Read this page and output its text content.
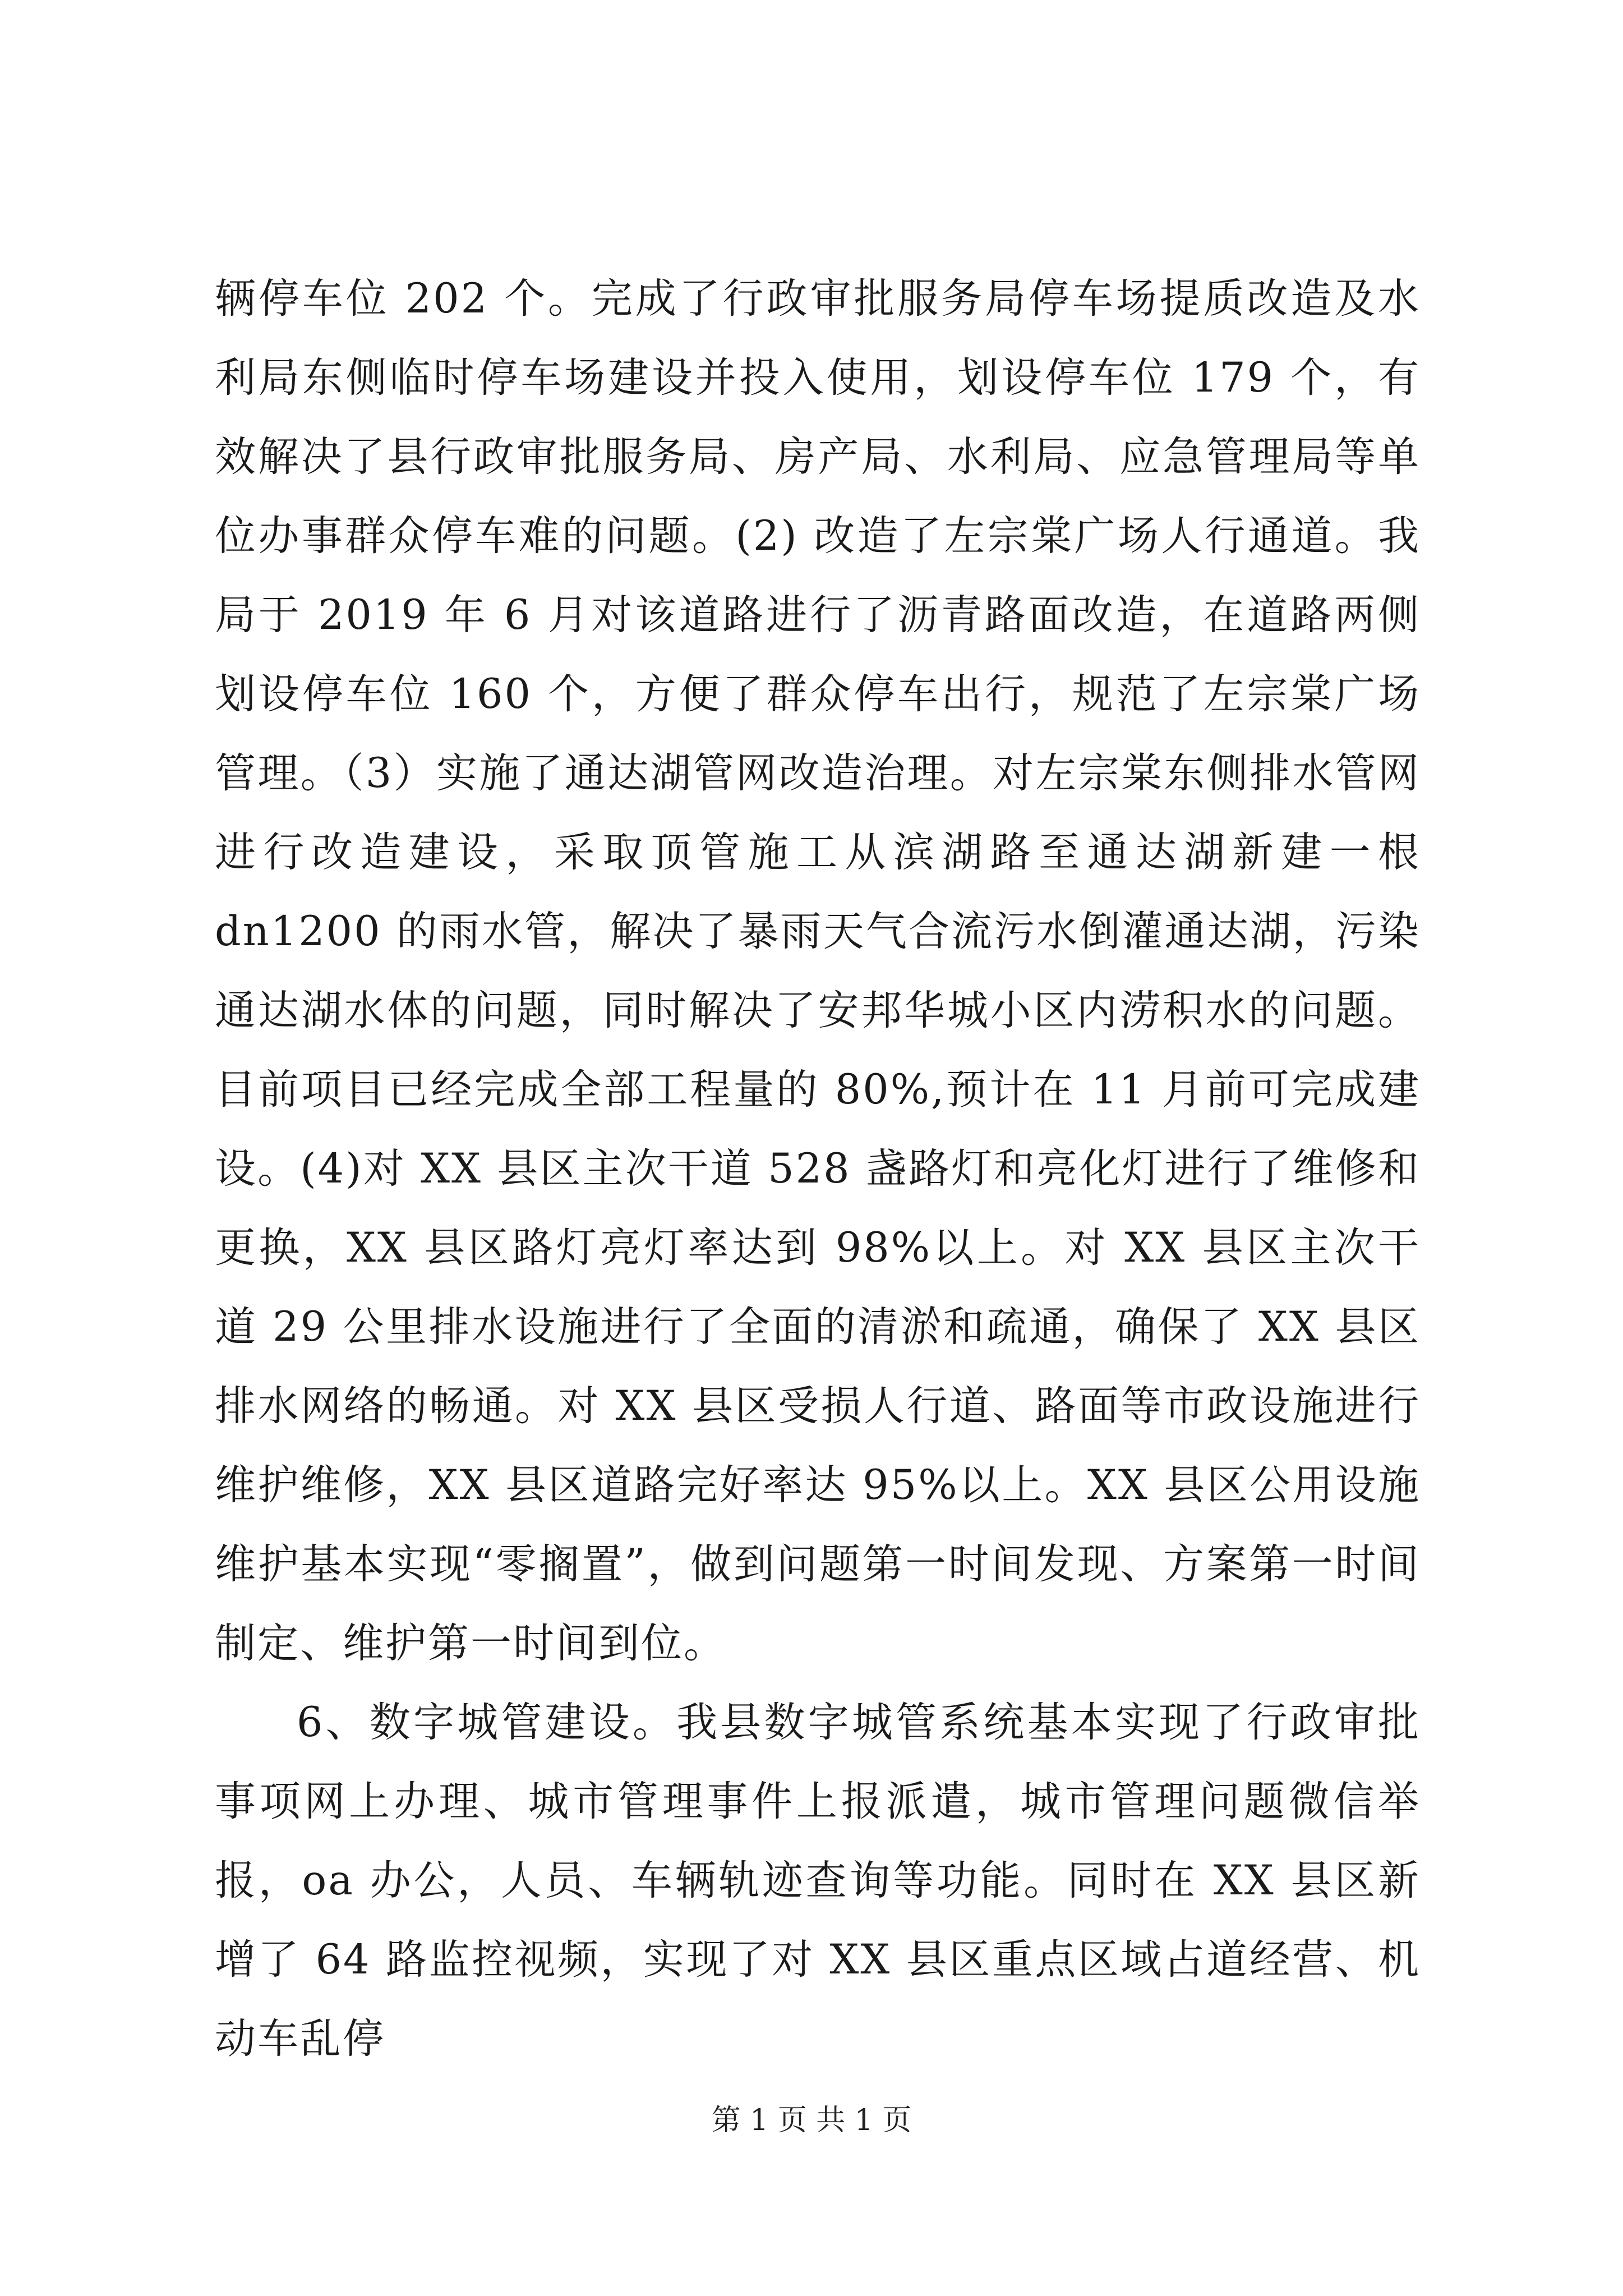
辆停车位 202 个。完成了行政审批服务局停车场提质改造及水利局东侧临时停车场建设并投入使用，划设停车位 179 个，有效解决了县行政审批服务局、房产局、水利局、应急管理局等单位办事群众停车难的问题。(2) 改造了左宗棠广场人行通道。我局于 2019 年 6 月对该道路进行了沥青路面改造，在道路两侧划设停车位 160 个，方便了群众停车出行，规范了左宗棠广场管理。（3）实施了通达湖管网改造治理。对左宗棠东侧排水管网进行改造建设，采取顶管施工从滨湖路至通达湖新建一根 dn1200 的雨水管，解决了暴雨天气合流污水倒灌通达湖，污染通达湖水体的问题，同时解决了安邦华城小区内涝积水的问题。目前项目已经完成全部工程量的 80%,预计在 11 月前可完成建设。(4)对 XX 县区主次干道 528 盏路灯和亮化灯进行了维修和更换，XX 县区路灯亮灯率达到 98%以上。对 XX 县区主次干道 29 公里排水设施进行了全面的清淤和疏通，确保了 XX 县区排水网络的畅通。对 XX 县区受损人行道、路面等市政设施进行维护维修，XX 县区道路完好率达 95%以上。XX 县区公用设施维护基本实现“零搁置”，做到问题第一时间发现、方案第一时间制定、维护第一时间到位。

6、数字城管建设。我县数字城管系统基本实现了行政审批事项网上办理、城市管理事件上报派遣，城市管理问题微信举报，oa 办公，人员、车辆轨迹查询等功能。同时在 XX 县区新增了 64 路监控视频，实现了对 XX 县区重点区域占道经营、机动车乱停

第 1 页 共 1 页
